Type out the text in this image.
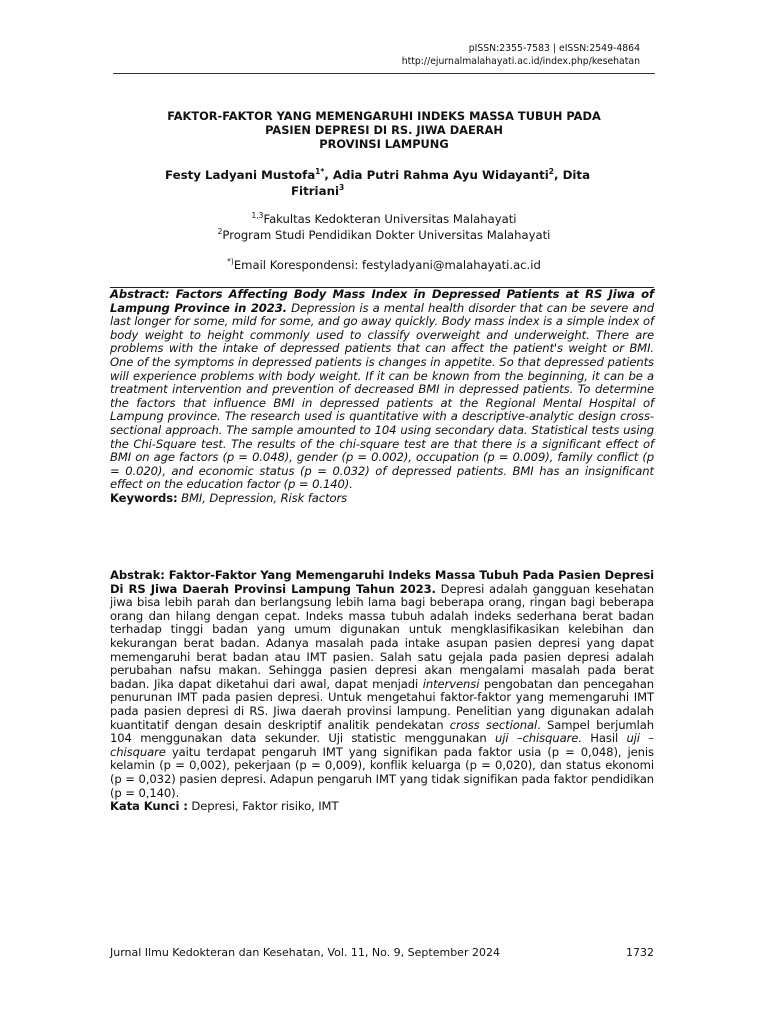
pISSN:2355-7583 | eISSN:2549-4864
http://ejurnalmalahayati.ac.id/index.php/kesehatan
FAKTOR-FAKTOR YANG MEMENGARUHI INDEKS MASSA TUBUH PADA
PASIEN DEPRESI DI RS. JIWA DAERAH
PROVINSI LAMPUNG
Festy Ladyani Mustofa$^{1*}$, Adia Putri Rahma Ayu Widayanti$^2$, Dita
Fitriani$^3$
$^{1,3}$Fakultas Kedokteran Universitas Malahayati
$^2$Program Studi Pendidikan Dokter Universitas Malahayati
*)Email Korespondensi: festyladyani@malahayati.ac.id
Abstract: Factors Affecting Body Mass Index in Depressed Patients at RS Jiwa of Lampung Province in 2023. Depression is a mental health disorder that can be severe and last longer for some, mild for some, and go away quickly. Body mass index is a simple index of body weight to height commonly used to classify overweight and underweight. There are problems with the intake of depressed patients that can affect the patient's weight or BMI. One of the symptoms in depressed patients is changes in appetite. So that depressed patients will experience problems with body weight. If it can be known from the beginning, it can be a treatment intervention and prevention of decreased BMI in depressed patients. To determine the factors that influence BMI in depressed patients at the Regional Mental Hospital of Lampung province. The research used is quantitative with a descriptive-analytic design cross-sectional approach. The sample amounted to 104 using secondary data. Statistical tests using the Chi-Square test. The results of the chi-square test are that there is a significant effect of BMI on age factors (p = 0.048), gender (p = 0.002), occupation (p = 0.009), family conflict (p = 0.020), and economic status (p = 0.032) of depressed patients. BMI has an insignificant effect on the education factor (p = 0.140).
Keywords: BMI, Depression, Risk factors
Abstrak: Faktor-Faktor Yang Memengaruhi Indeks Massa Tubuh Pada Pasien Depresi Di RS Jiwa Daerah Provinsi Lampung Tahun 2023. Depresi adalah gangguan kesehatan jiwa bisa lebih parah dan berlangsung lebih lama bagi beberapa orang, ringan bagi beberapa orang dan hilang dengan cepat. Indeks massa tubuh adalah indeks sederhana berat badan terhadap tinggi badan yang umum digunakan untuk mengklasifikasikan kelebihan dan kekurangan berat badan. Adanya masalah pada intake asupan pasien depresi yang dapat memengaruhi berat badan atau IMT pasien. Salah satu gejala pada pasien depresi adalah perubahan nafsu makan. Sehingga pasien depresi akan mengalami masalah pada berat badan. Jika dapat diketahui dari awal, dapat menjadi intervensi pengobatan dan pencegahan penurunan IMT pada pasien depresi. Untuk mengetahui faktor-faktor yang memengaruhi IMT pada pasien depresi di RS. Jiwa daerah provinsi lampung. Penelitian yang digunakan adalah kuantitatif dengan desain deskriptif analitik pendekatan cross sectional. Sampel berjumlah 104 menggunakan data sekunder. Uji statistic menggunakan uji –chisquare. Hasil uji – chisquare yaitu terdapat pengaruh IMT yang signifikan pada faktor usia (p = 0,048), jenis kelamin (p = 0,002), pekerjaan (p = 0,009), konflik keluarga (p = 0,020), dan status ekonomi (p = 0,032) pasien depresi. Adapun pengaruh IMT yang tidak signifikan pada faktor pendidikan (p = 0,140).
Kata Kunci : Depresi, Faktor risiko, IMT
Jurnal Ilmu Kedokteran dan Kesehatan, Vol. 11, No. 9, September 2024	1732
